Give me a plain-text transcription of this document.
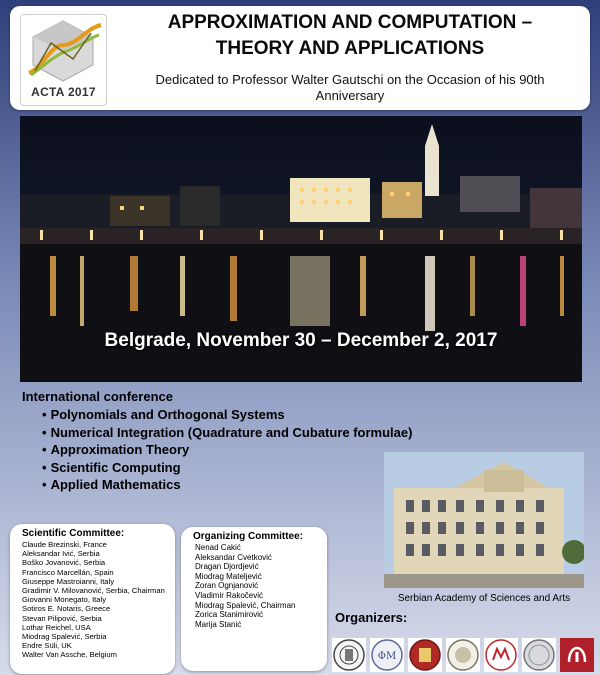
ACTA 2017
APPROXIMATION AND COMPUTATION –
THEORY AND APPLICATIONS
Dedicated to Professor Walter Gautschi on the Occasion of his 90th
Anniversary
Belgrade, November 30 – December 2, 2017
International conference
• Polynomials and Orthogonal Systems
• Numerical Integration (Quadrature and Cubature formulae)
• Approximation Theory
• Scientific Computing
• Applied Mathematics
Serbian Academy of Sciences and Arts
Scientific Committee:
Claude Brezinski, France
Aleksandar Ivić, Serbia
Boško Jovanović, Serbia
Francisco Marcellán, Spain
Giuseppe Mastroianni, Italy
Gradimir V. Milovanović, Serbia, Chairman
Giovanni Monegato, Italy
Sotiros E. Notaris, Greece
Stevan Pilipović, Serbia
Lothar Reichel, USA
Miodrag Spalević, Serbia
Endre Süli, UK
Walter Van Assche, Belgium
Organizing Committee:
Nenad Cakić
Aleksandar Cvetković
Dragan Djordjević
Miodrag Mateljević
Zoran Ognjanović
Vladimir Rakočević
Miodrag Spalević, Chairman
Zorica Stanimirović
Marija Stanić	Organizers:
ΦΜ
